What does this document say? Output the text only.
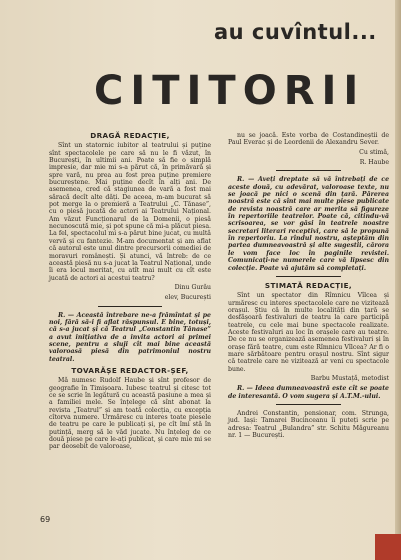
au cuvîntul...
CITITORII
DRAGĂ REDACȚIE,

Sînt un statornic iubitor al teatrului și puține sînt spectacolele pe care să nu le fi văzut, în București, în ultimii ani. Poate să fie o simplă impresie, dar mie mi s-a părut că, în primăvară și spre vară, nu prea au fost prea puține premiere bucureștene. Mai puține decît în alți ani. De asemenea, cred că stagiunea de vară a fost mai săracă decît alte dăți. De aceea, m-am bucurat să pot merge la o premieră a Teatrului „C. Tănase”, cu o piesă jucată de actori ai Teatrului Național. Am văzut Funcționarul de la Domenii, o piesă necunoscută mie, și pot spune că mi-a plăcut piesa. La fel, spectacolul mi s-a părut bine jucat, cu multă vervă și cu fantezie. M-am documentat și am aflat că autorul este unul dintre precursorii comediei de moravuri românești. Și atunci, vă întreb: de ce această piesă nu s-a jucat la Teatrul Național, unde îi era locul meritat, cu atît mai mult cu cît este jucată de actori ai acestui teatru?

Dinu Gurău
elev, București

R. — Această întrebare ne-a frămîntat și pe noi, fără să-i fi aflat răspunsul. E bine, totuși, că s-a jucat și că Teatrul „Constantin Tănase” a avut inițiativa de a invita actori ai primei scene, pentru a sluji cît mai bine această valoroasă piesă din patrimoniul nostru teatral.

TOVARĂȘE REDACTOR-ȘEF,

Mă numesc Rudolf Haube și sînt profesor de geografie în Timișoara. Iubesc teatrul și citesc tot ce se scrie în legătură cu această pasiune a mea și a familiei mele. Se înțelege că sînt abonat la revista „Teatrul” și am toată colecția, cu excepția cîtorva numere. Urmăresc cu interes toate piesele de teatru pe care le publicați și, pe cît îmi stă în putință, merg să le văd jucate. Nu înțeleg de ce două piese pe care le-ați publicat, și care mie mi se par deosebit de valoroase,

nu se joacă. Este vorba de Costandineștii de Paul Everac și de Leordenii de Alexandru Sever.

Cu stimă,
R. Haube

R. — Aveți dreptate să vă întrebați de ce aceste două, cu adevărat, valoroase texte, nu se joacă pe nici o scenă din țară. Părerea noastră este că sînt mai multe piese publicate de revista noastră care ar merita să figureze în repertoriile teatrelor. Poate că, citindu-vă scrisoarea, se vor găsi în teatrele noastre secretari literari receptivi, care să le propună în repertoriu. La rîndul nostru, așteptăm din partea dumneavoastră și alte sugestii, cărora le vom face loc în paginile revistei. Comunicați-ne numerele care vă lipsesc din colecție. Poate vă ajutăm să completați.

STIMATĂ REDACȚIE,

Sînt un spectator din Rîmnicu Vîlcea și urmăresc cu interes spectacolele care ne vizitează orașul. Știu că în multe localități din țară se desfășoară festivaluri de teatru la care participă teatrele, cu cele mai bune spectacole realizate. Aceste festivaluri au loc în orașele care au teatre. De ce nu se organizează asemenea festivaluri și în orașe fără teatre, cum este Rîmnicu Vîlcea? Ar fi o mare sărbătoare pentru orașul nostru. Sînt sigur că teatrele care ne vizitează ar veni cu spectacole bune.

Barbu Mustață, metodist

R. — Ideea dumneavoastră este cît se poate de interesantă. O vom sugera și A.T.M.-ului.

Andrei Constantin, pensionar, com. Strunga, jud. Iași: Tamarei Bucinceanu îi puteți scrie pe adresa: Teatrul „Bulandra” str. Schitu Măgureanu nr. 1 — București.

69
